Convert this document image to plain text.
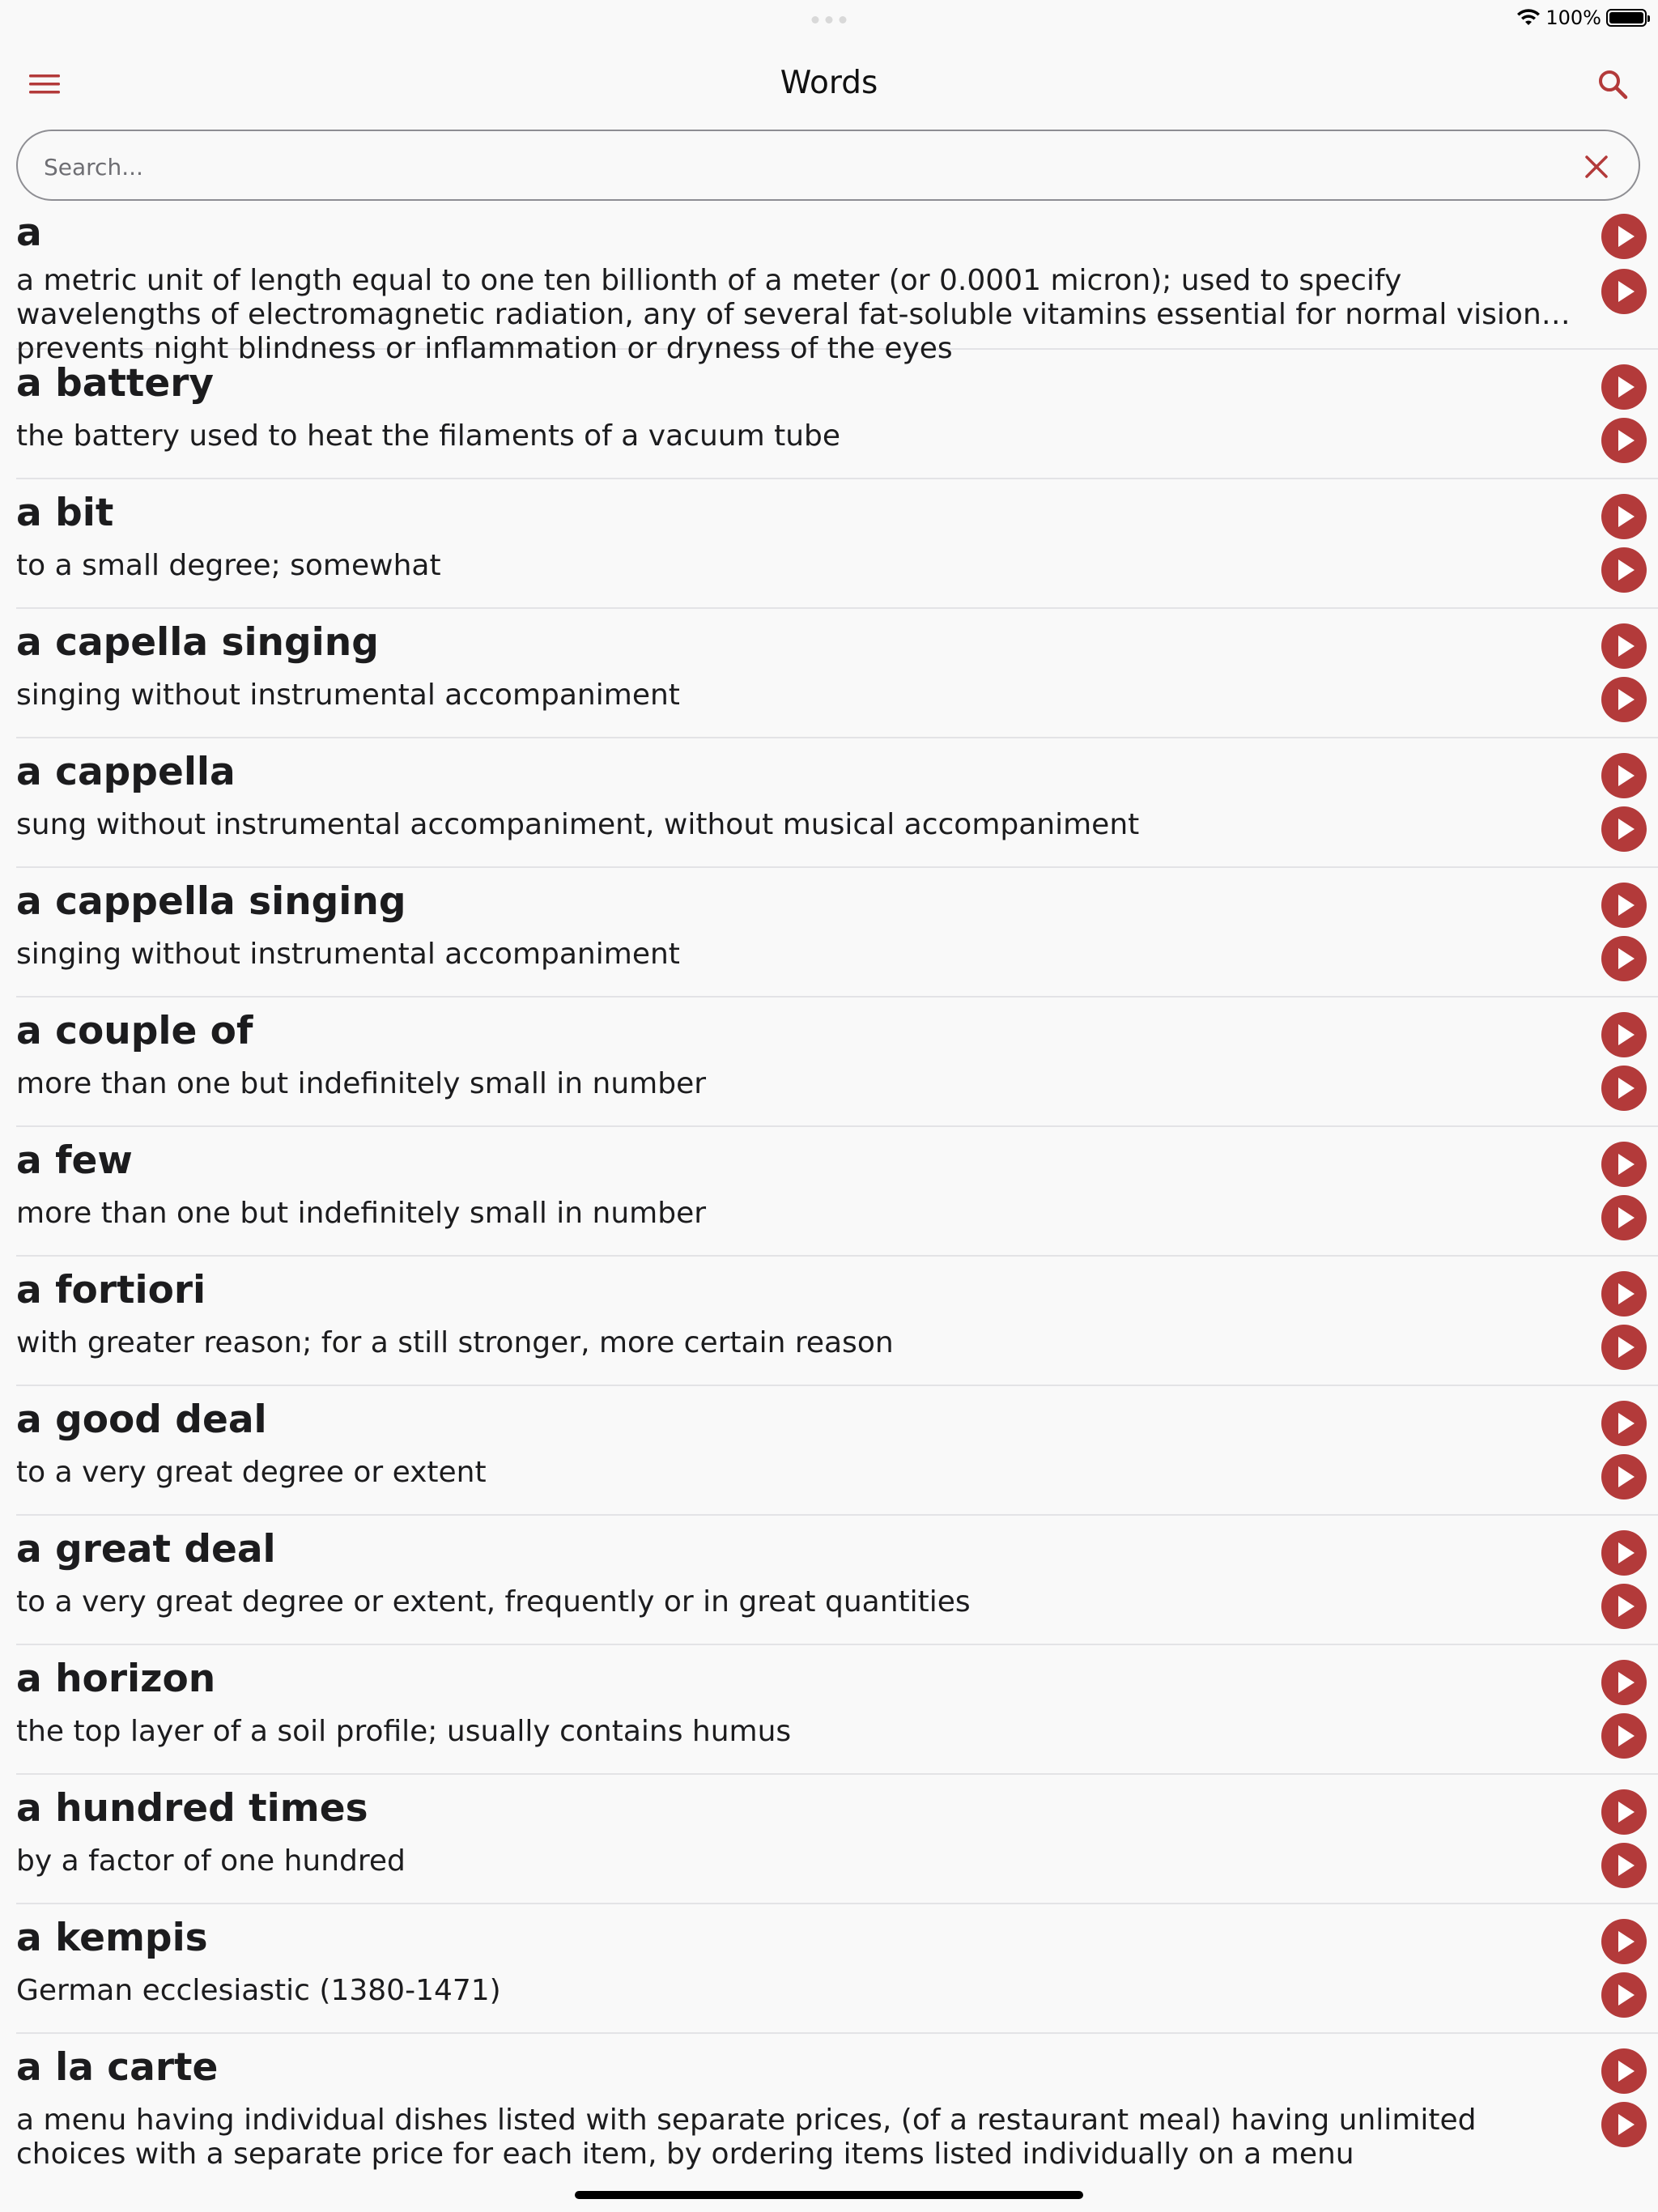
100%
Words
Search...
a
a metric unit of length equal to one ten billionth of a meter (or 0.0001 micron); used to specify wavelengths of electromagnetic radiation, any of several fat-soluble vitamins essential for normal vision; prevents night blindness or inflammation or dryness of the eyes
a battery
the battery used to heat the filaments of a vacuum tube
a bit
to a small degree; somewhat
a capella singing
singing without instrumental accompaniment
a cappella
sung without instrumental accompaniment, without musical accompaniment
a cappella singing
singing without instrumental accompaniment
a couple of
more than one but indefinitely small in number
a few
more than one but indefinitely small in number
a fortiori
with greater reason; for a still stronger, more certain reason
a good deal
to a very great degree or extent
a great deal
to a very great degree or extent, frequently or in great quantities
a horizon
the top layer of a soil profile; usually contains humus
a hundred times
by a factor of one hundred
a kempis
German ecclesiastic (1380-1471)
a la carte
a menu having individual dishes listed with separate prices, (of a restaurant meal) having unlimited choices with a separate price for each item, by ordering items listed individually on a menu
